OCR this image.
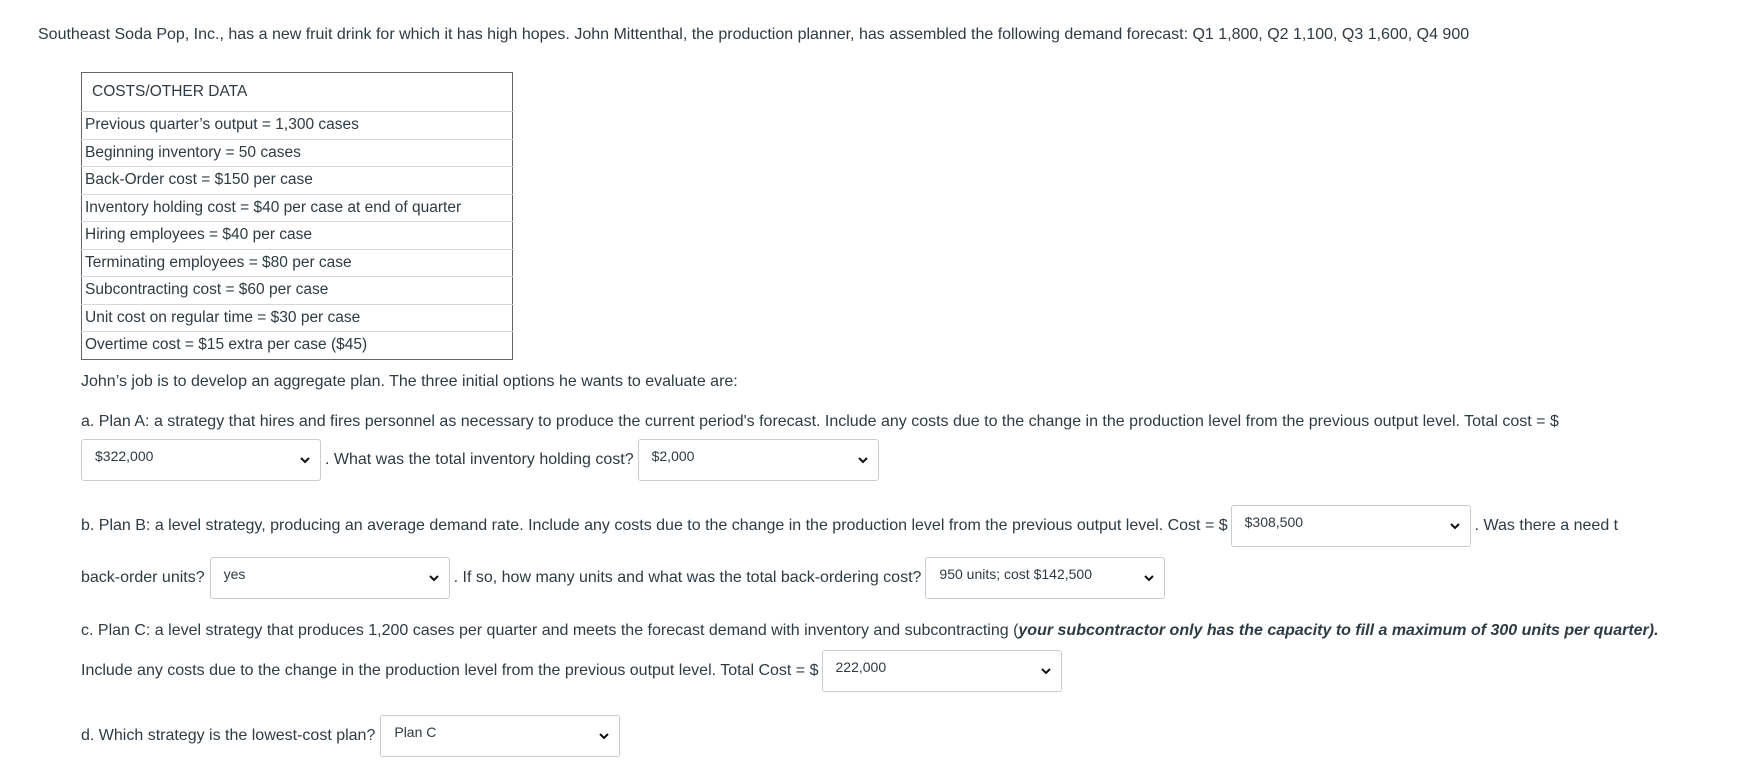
Southeast Soda Pop, Inc., has a new fruit drink for which it has high hopes. John Mittenthal, the production planner, has assembled the following demand forecast: Q1 1,800, Q2 1,100, Q3 1,600, Q4 900
COSTS/OTHER DATA
Previous quarter’s output = 1,300 cases
Beginning inventory = 50 cases
Back-Order cost = $150 per case
Inventory holding cost = $40 per case at end of quarter
Hiring employees = $40 per case
Terminating employees = $80 per case
Subcontracting cost = $60 per case
Unit cost on regular time = $30 per case
Overtime cost = $15 extra per case ($45)
John’s job is to develop an aggregate plan. The three initial options he wants to evaluate are:
a. Plan A: a strategy that hires and fires personnel as necessary to produce the current period's forecast. Include any costs due to the change in the production level from the previous output level. Total cost = $
$322,000	. What was the total inventory holding cost? $2,000
b. Plan B: a level strategy, producing an average demand rate. Include any costs due to the change in the production level from the previous output level. Cost = $ $308,500	. Was there a need t
back-order units? yes	. If so, how many units and what was the total back-ordering cost? 950 units; cost $142,500
c. Plan C: a level strategy that produces 1,200 cases per quarter and meets the forecast demand with inventory and subcontracting ( your subcontractor only has the capacity to fill a maximum of 300 units per quarter).
Include any costs due to the change in the production level from the previous output level. Total Cost = $ 222,000
d. Which strategy is the lowest-cost plan? Plan C
